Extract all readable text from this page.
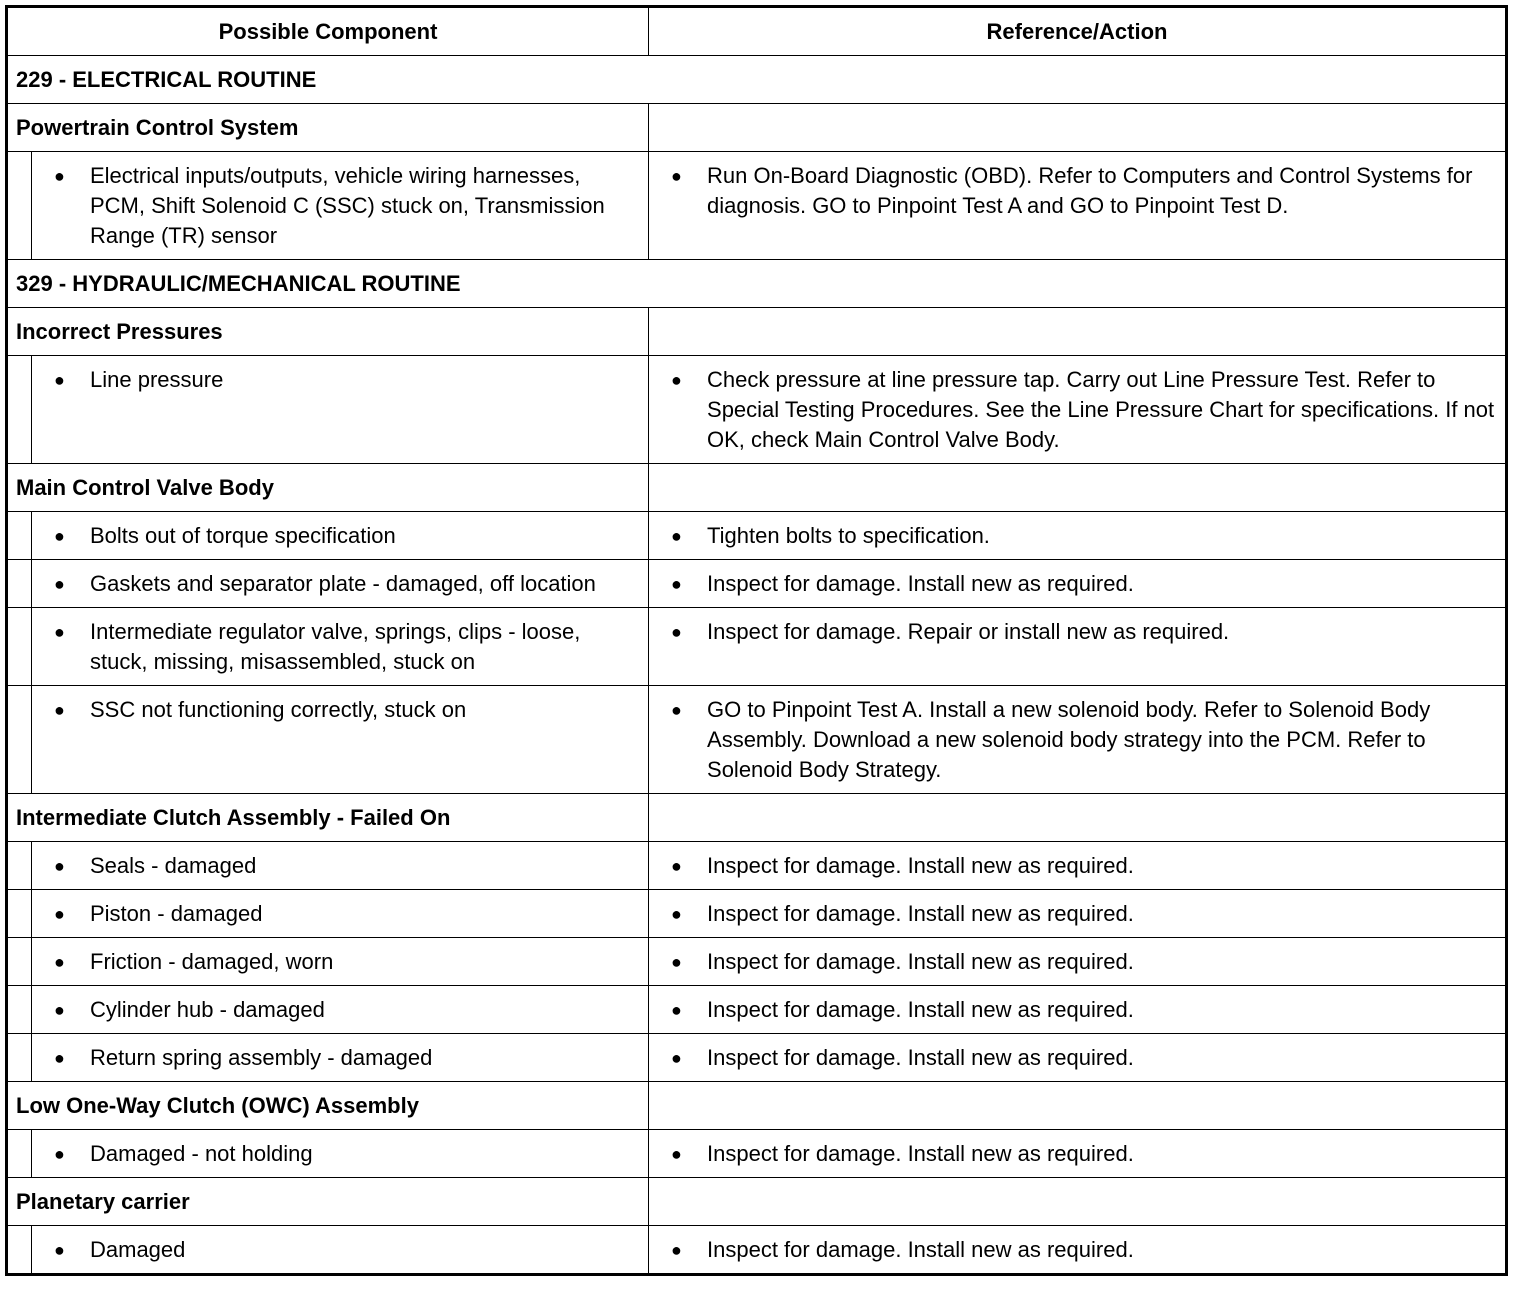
Possible Component		Reference/Action
229 - ELECTRICAL ROUTINE		
Powertrain Control System		

	● Electrical inputs/outputs, vehicle wiring harnesses, PCM, Shift Solenoid C (SSC) stuck on, Transmission Range (TR) sensor	● Run On-Board Diagnostic (OBD). Refer to Computers and Control Systems for diagnosis. GO to Pinpoint Test A and GO to Pinpoint Test D.
329 - HYDRAULIC/MECHANICAL ROUTINE		
Incorrect Pressures		

	● Line pressure	● Check pressure at line pressure tap. Carry out Line Pressure Test. Refer to Special Testing Procedures. See the Line Pressure Chart for specifications. If not OK, check Main Control Valve Body.
Main Control Valve Body		

	● Bolts out of torque specification	● Tighten bolts to specification.

	● Gaskets and separator plate - damaged, off location	● Inspect for damage. Install new as required.

	● Intermediate regulator valve, springs, clips - loose, stuck, missing, misassembled, stuck on	● Inspect for damage. Repair or install new as required.

	● SSC not functioning correctly, stuck on	● GO to Pinpoint Test A. Install a new solenoid body. Refer to Solenoid Body Assembly. Download a new solenoid body strategy into the PCM. Refer to Solenoid Body Strategy.
Intermediate Clutch Assembly - Failed On		

	● Seals - damaged	● Inspect for damage. Install new as required.

	● Piston - damaged	● Inspect for damage. Install new as required.

	● Friction - damaged, worn	● Inspect for damage. Install new as required.

	● Cylinder hub - damaged	● Inspect for damage. Install new as required.

	● Return spring assembly - damaged	● Inspect for damage. Install new as required.
Low One-Way Clutch (OWC) Assembly		

	● Damaged - not holding	● Inspect for damage. Install new as required.
Planetary carrier		

	● Damaged	● Inspect for damage. Install new as required.
